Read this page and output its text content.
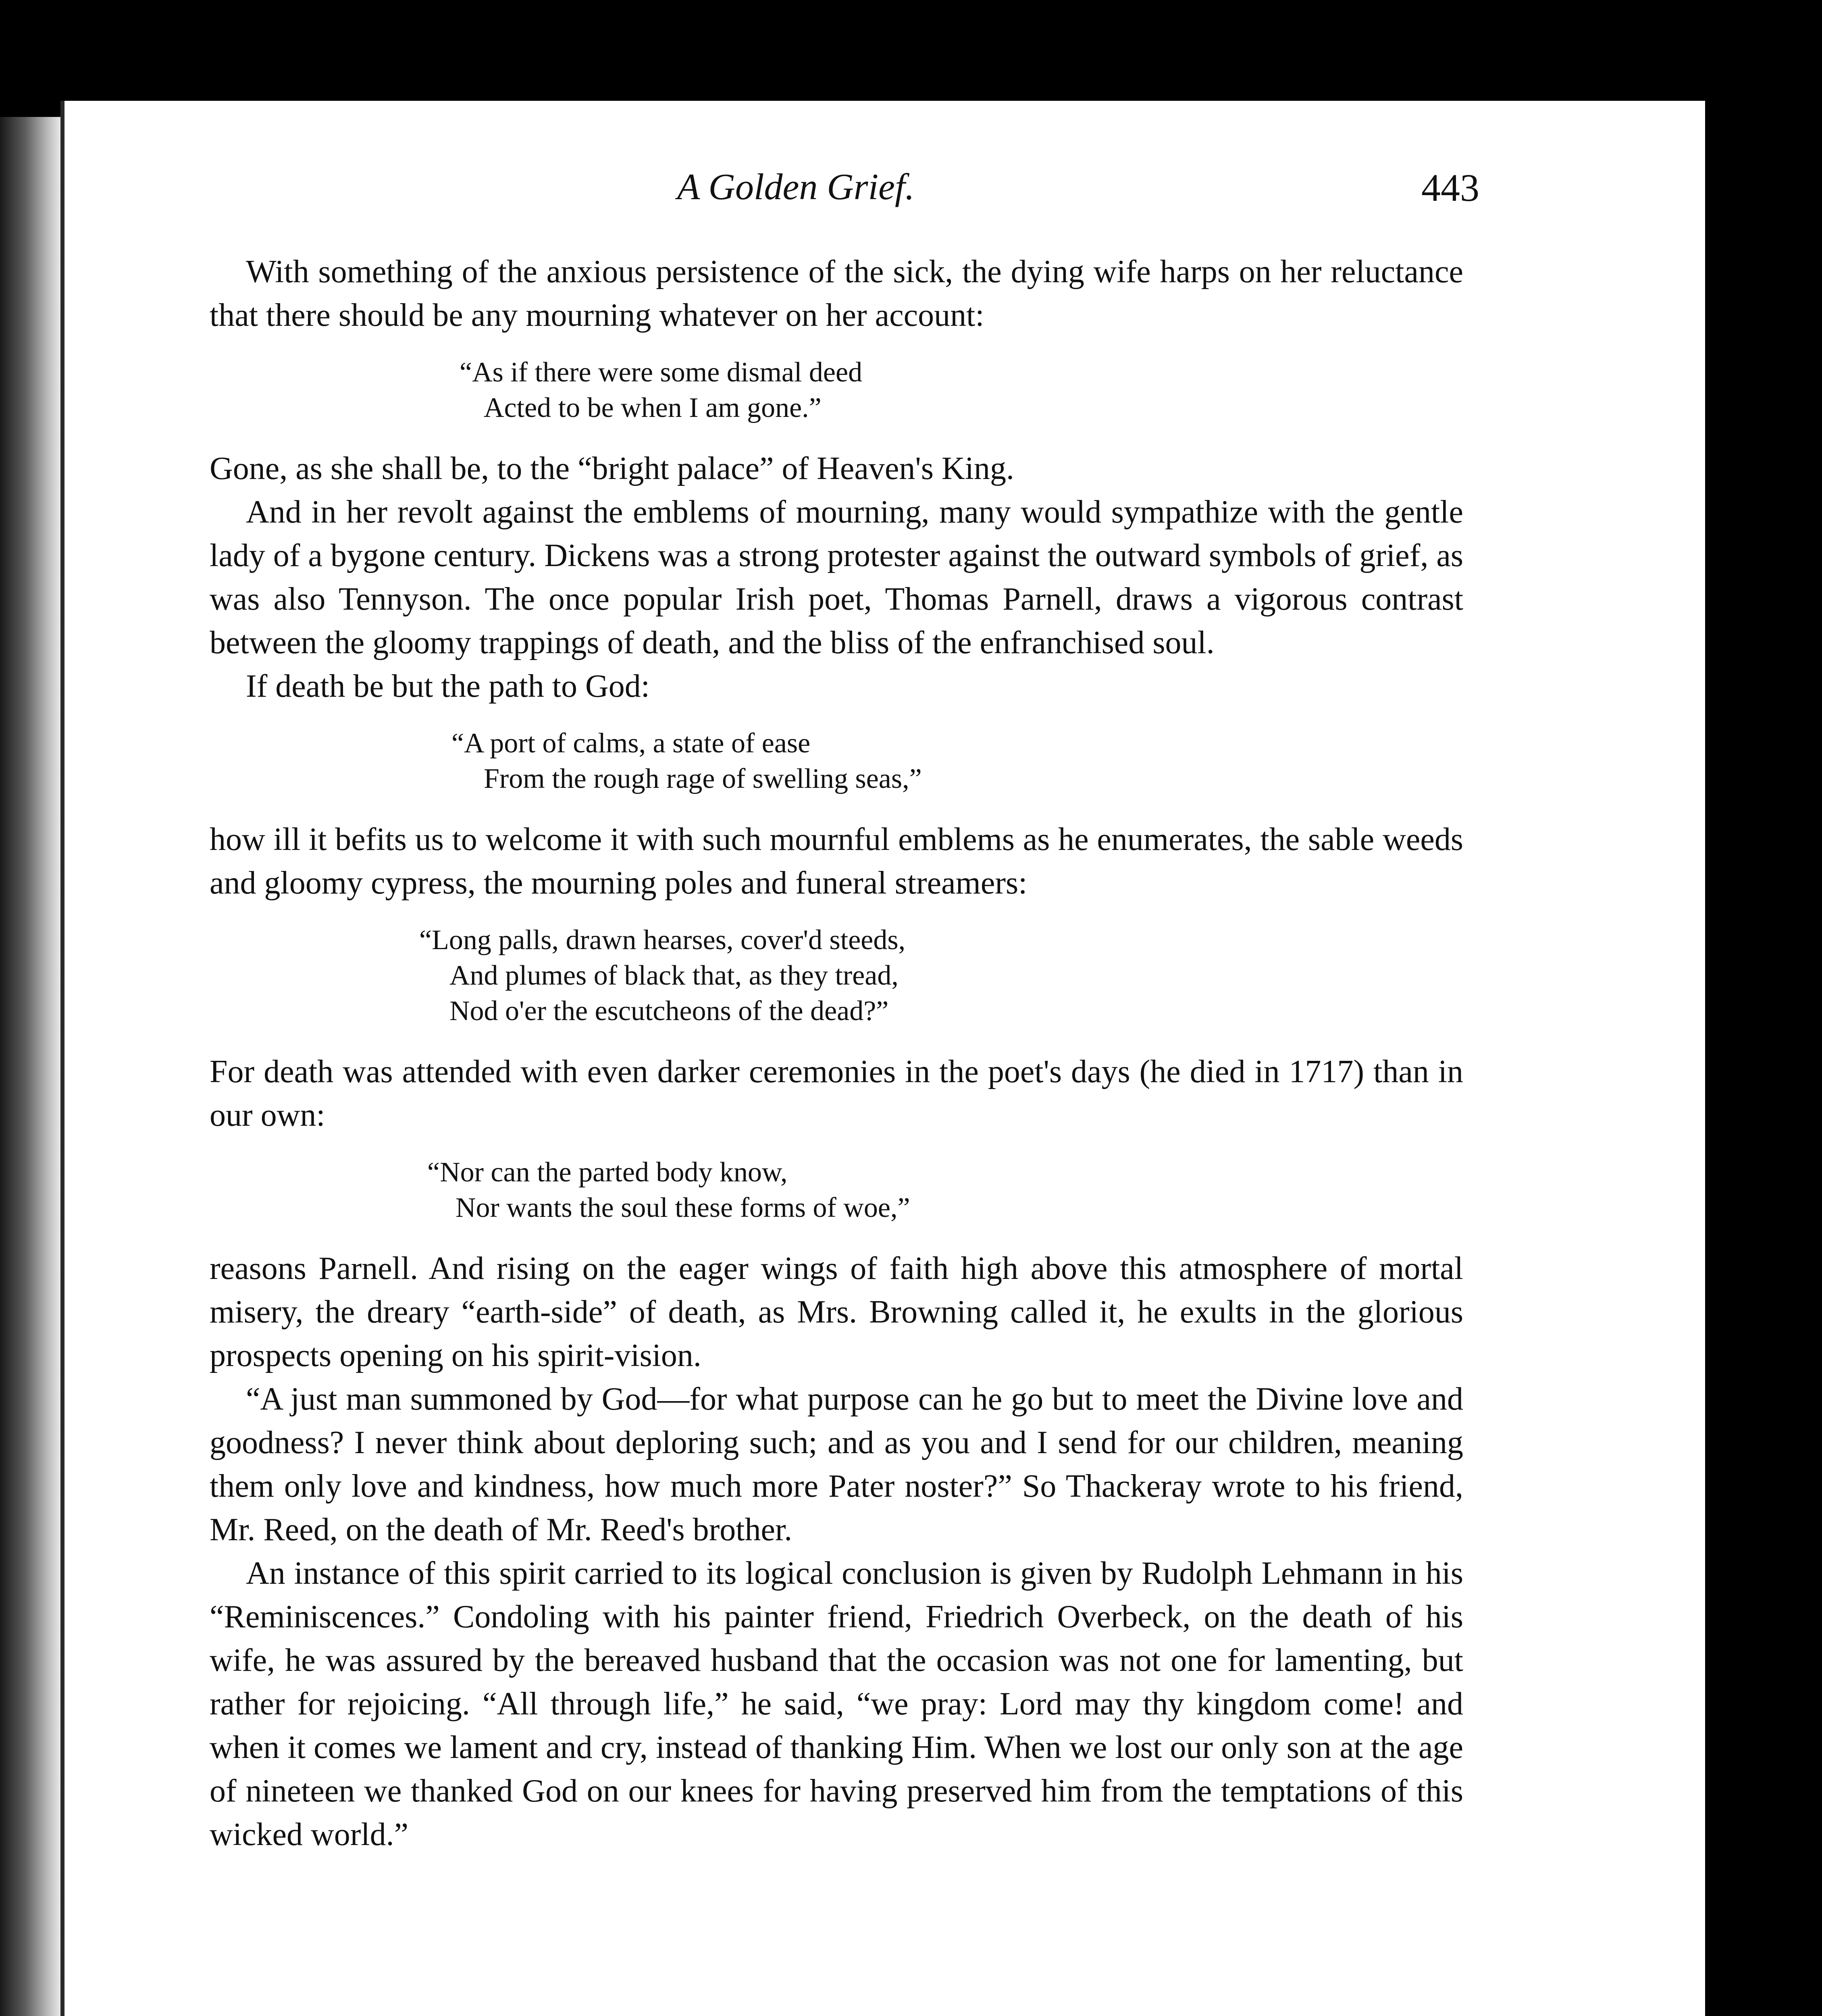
A Golden Grief.	443

With something of the anxious persistence of the sick, the dying wife harps on her reluctance that there should be any mourning whatever on her account:

“As if there were some dismal deed
Acted to be when I am gone.”

Gone, as she shall be, to the “bright palace” of Heaven's King.

And in her revolt against the emblems of mourning, many would sympathize with the gentle lady of a bygone century. Dickens was a strong protester against the outward symbols of grief, as was also Tennyson. The once popular Irish poet, Thomas Parnell, draws a vigorous contrast between the gloomy trappings of death, and the bliss of the enfranchised soul.

If death be but the path to God:

“A port of calms, a state of ease
From the rough rage of swelling seas,”

how ill it befits us to welcome it with such mournful emblems as he enumerates, the sable weeds and gloomy cypress, the mourning poles and funeral streamers:

“Long palls, drawn hearses, cover'd steeds,
And plumes of black that, as they tread,
Nod o'er the escutcheons of the dead?”

For death was attended with even darker ceremonies in the poet's days (he died in 1717) than in our own:

“Nor can the parted body know,
Nor wants the soul these forms of woe,”

reasons Parnell. And rising on the eager wings of faith high above this atmosphere of mortal misery, the dreary “earth-side” of death, as Mrs. Browning called it, he exults in the glorious prospects opening on his spirit-vision.

“A just man summoned by God—for what purpose can he go but to meet the Divine love and goodness? I never think about deploring such; and as you and I send for our children, meaning them only love and kindness, how much more Pater noster?” So Thackeray wrote to his friend, Mr. Reed, on the death of Mr. Reed's brother.

An instance of this spirit carried to its logical conclusion is given by Rudolph Lehmann in his “Reminiscences.” Condoling with his painter friend, Friedrich Overbeck, on the death of his wife, he was assured by the bereaved husband that the occasion was not one for lamenting, but rather for rejoicing. “All through life,” he said, “we pray: Lord may thy kingdom come! and when it comes we lament and cry, instead of thanking Him. When we lost our only son at the age of nineteen we thanked God on our knees for having preserved him from the temptations of this wicked world.”
